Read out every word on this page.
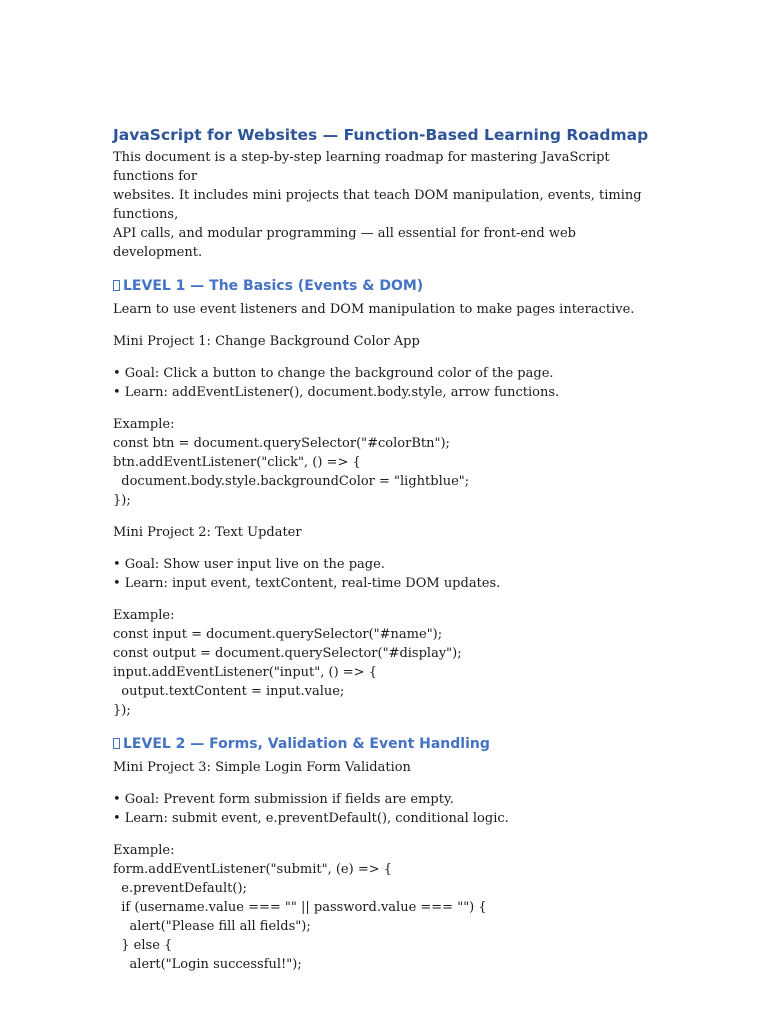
JavaScript for Websites — Function-Based Learning Roadmap

This document is a step-by-step learning roadmap for mastering JavaScript functions for

websites. It includes mini projects that teach DOM manipulation, events, timing functions,

API calls, and modular programming — all essential for front-end web development.

LEVEL 1 — The Basics (Events & DOM)

Learn to use event listeners and DOM manipulation to make pages interactive.

Mini Project 1: Change Background Color App

• Goal: Click a button to change the background color of the page.

• Learn: addEventListener(), document.body.style, arrow functions.

Example:

const btn = document.querySelector("#colorBtn");

btn.addEventListener("click", () => {

document.body.style.backgroundColor = "lightblue";

});

Mini Project 2: Text Updater

• Goal: Show user input live on the page.

• Learn: input event, textContent, real-time DOM updates.

Example:

const input = document.querySelector("#name");

const output = document.querySelector("#display");

input.addEventListener("input", () => {

output.textContent = input.value;

});

LEVEL 2 — Forms, Validation & Event Handling

Mini Project 3: Simple Login Form Validation

• Goal: Prevent form submission if fields are empty.

• Learn: submit event, e.preventDefault(), conditional logic.

Example:

form.addEventListener("submit", (e) => {

e.preventDefault();

if (username.value === "" || password.value === "") {

alert("Please fill all fields");

} else {

alert("Login successful!");
